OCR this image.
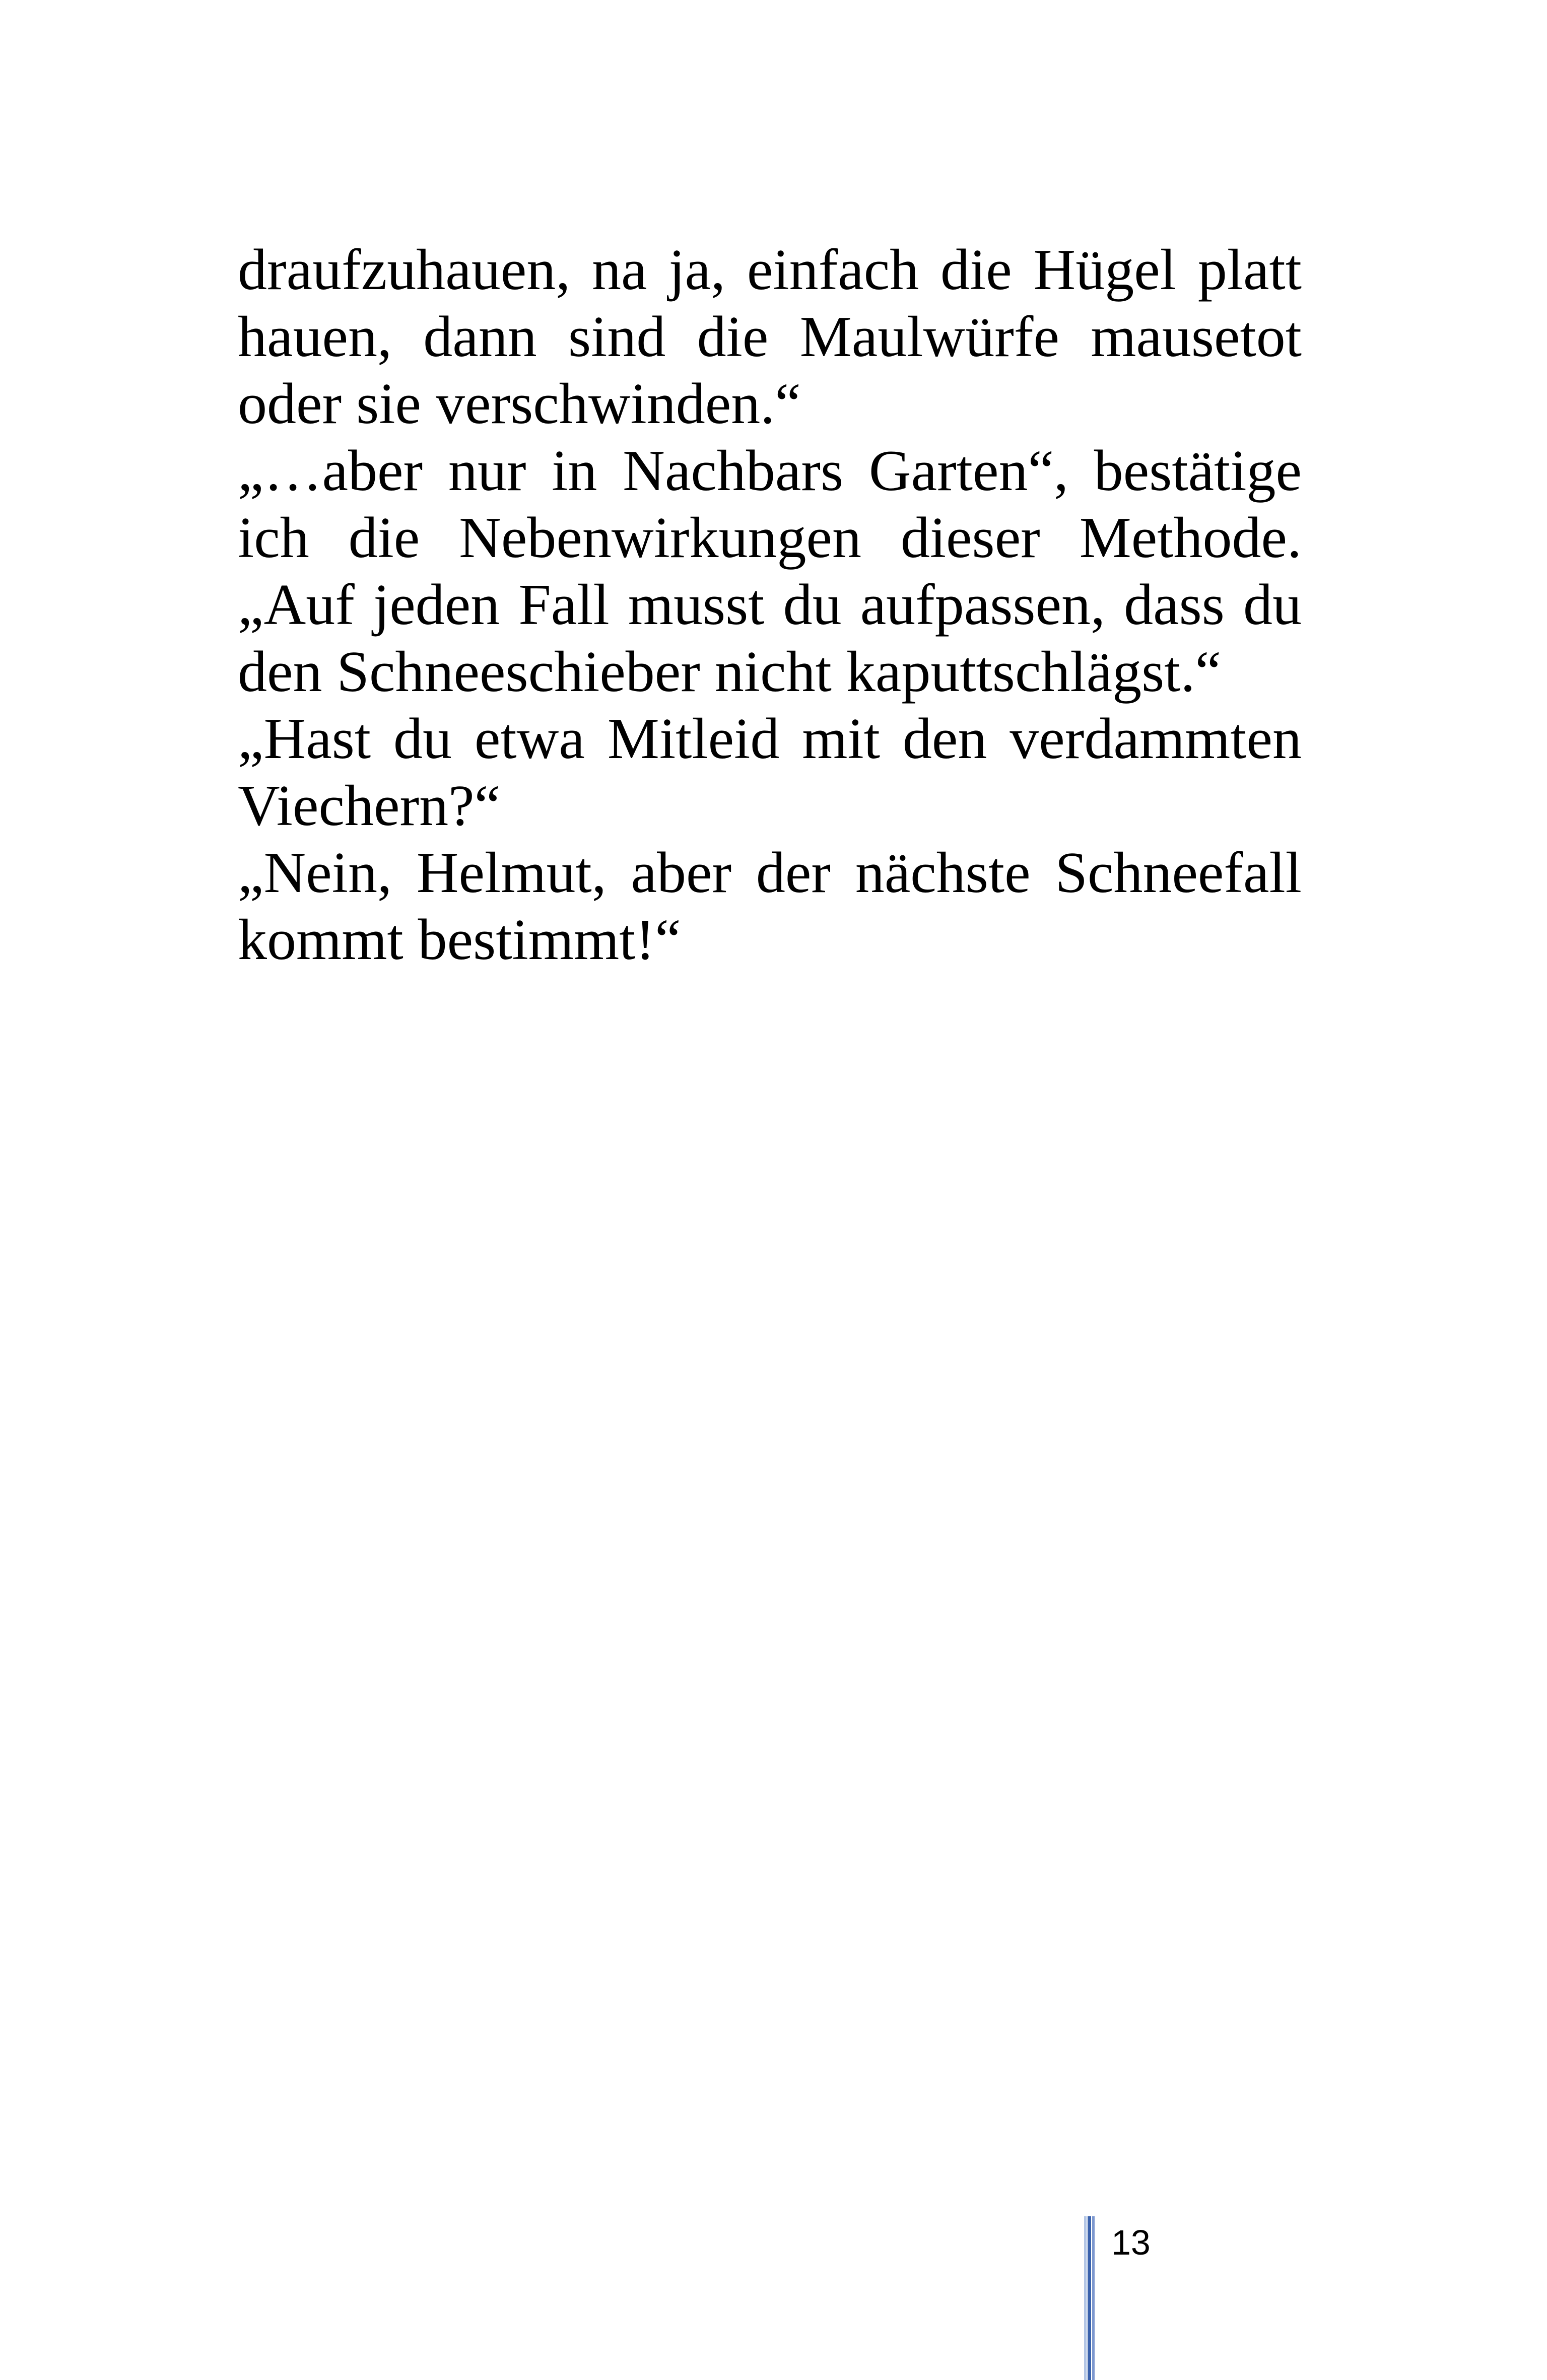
draufzuhauen, na ja, einfach die Hügel platt
hauen, dann sind die Maulwürfe mausetot
oder sie verschwinden.“
„…aber nur in Nachbars Garten“, bestätige
ich die Nebenwirkungen dieser Methode.
„Auf jeden Fall musst du aufpassen, dass du
den Schneeschieber nicht kaputtschlägst.“
„Hast du etwa Mitleid mit den verdammten
Viechern?“
„Nein, Helmut, aber der nächste Schneefall
kommt bestimmt!“
13
